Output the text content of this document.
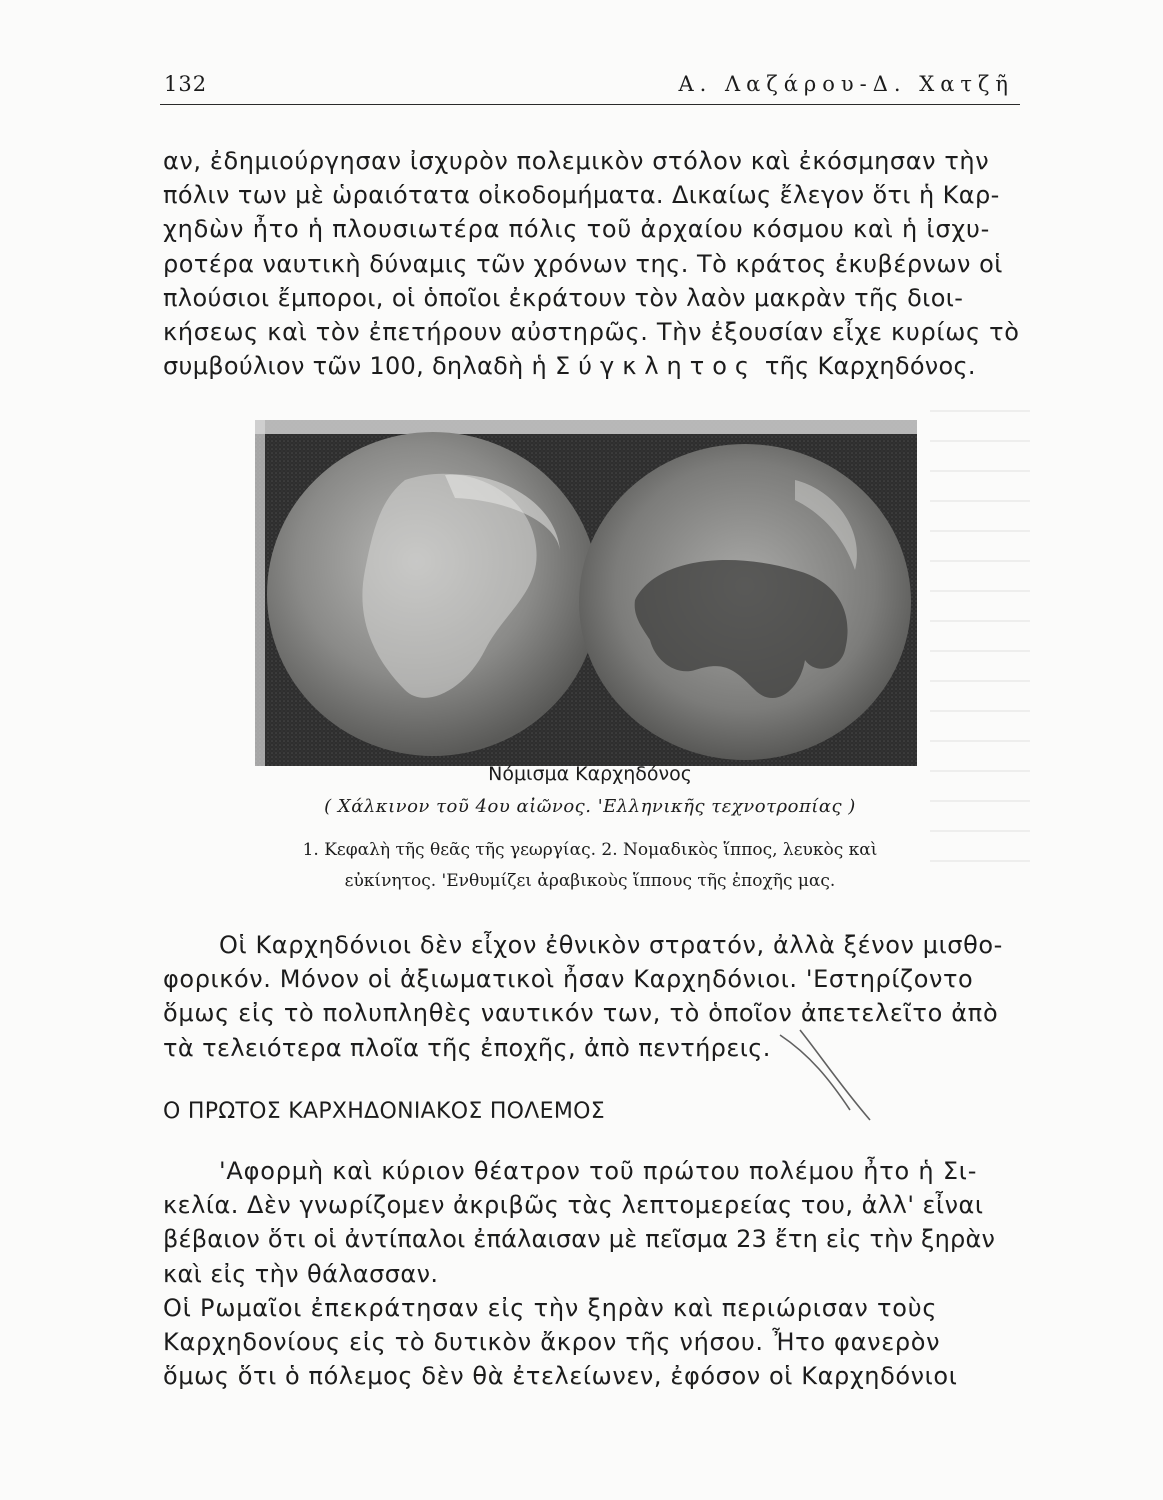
132	Α. Λαζάρου-Δ. Χατζῆ
αν, ἐδημιούργησαν ἰσχυρὸν πολεμικὸν στόλον καὶ ἐκόσμησαν τὴν
πόλιν των μὲ ὡραιότατα οἰκοδομήματα. Δικαίως ἔλεγον ὅτι ἡ Καρ-
χηδὼν ἦτο ἡ πλουσιωτέρα πόλις τοῦ ἀρχαίου κόσμου καὶ ἡ ἰσχυ-
ροτέρα ναυτικὴ δύναμις τῶν χρόνων της. Τὸ κράτος ἐκυβέρνων οἱ
πλούσιοι ἔμποροι, οἱ ὁποῖοι ἐκράτουν τὸν λαὸν μακρὰν τῆς διοι-
κήσεως καὶ τὸν ἐπετήρουν αὐστηρῶς. Τὴν ἐξουσίαν εἶχε κυρίως τὸ
συμβούλιον τῶν 100, δηλαδὴ ἡ Σύγκλητος τῆς Καρχηδόνος.
Νόμισμα Καρχηδόνος
( Χάλκινον τοῦ 4ου αἰῶνος. 'Ελληνικῆς τεχνοτροπίας )
1. Κεφαλὴ τῆς θεᾶς τῆς γεωργίας. 2. Νομαδικὸς ἵππος, λευκὸς καὶ
εὐκίνητος. 'Ενθυμίζει ἀραβικοὺς ἵππους τῆς ἐποχῆς μας.
Οἱ Καρχηδόνιοι δὲν εἶχον ἐθνικὸν στρατόν, ἀλλὰ ξένον μισθο-
φορικόν. Μόνον οἱ ἀξιωματικοὶ ἦσαν Καρχηδόνιοι. 'Εστηρίζοντο
ὅμως εἰς τὸ πολυπληθὲς ναυτικόν των, τὸ ὁποῖον ἀπετελεῖτο ἀπὸ
τὰ τελειότερα πλοῖα τῆς ἐποχῆς, ἀπὸ πεντήρεις.
Ο ΠΡΩΤΟΣ ΚΑΡΧΗΔΟΝΙΑΚΟΣ ΠΟΛΕΜΟΣ
'Αφορμὴ καὶ κύριον θέατρον τοῦ πρώτου πολέμου ἦτο ἡ Σι-
κελία. Δὲν γνωρίζομεν ἀκριβῶς τὰς λεπτομερείας του, ἀλλ' εἶναι
βέβαιον ὅτι οἱ ἀντίπαλοι ἐπάλαισαν μὲ πεῖσμα 23 ἔτη εἰς τὴν ξηρὰν
καὶ εἰς τὴν θάλασσαν.
Οἱ Ρωμαῖοι ἐπεκράτησαν εἰς τὴν ξηρὰν καὶ περιώρισαν τοὺς
Καρχηδονίους εἰς τὸ δυτικὸν ἄκρον τῆς νήσου. Ἦτο φανερὸν
ὅμως ὅτι ὁ πόλεμος δὲν θὰ ἐτελείωνεν, ἐφόσον οἱ Καρχηδόνιοι
